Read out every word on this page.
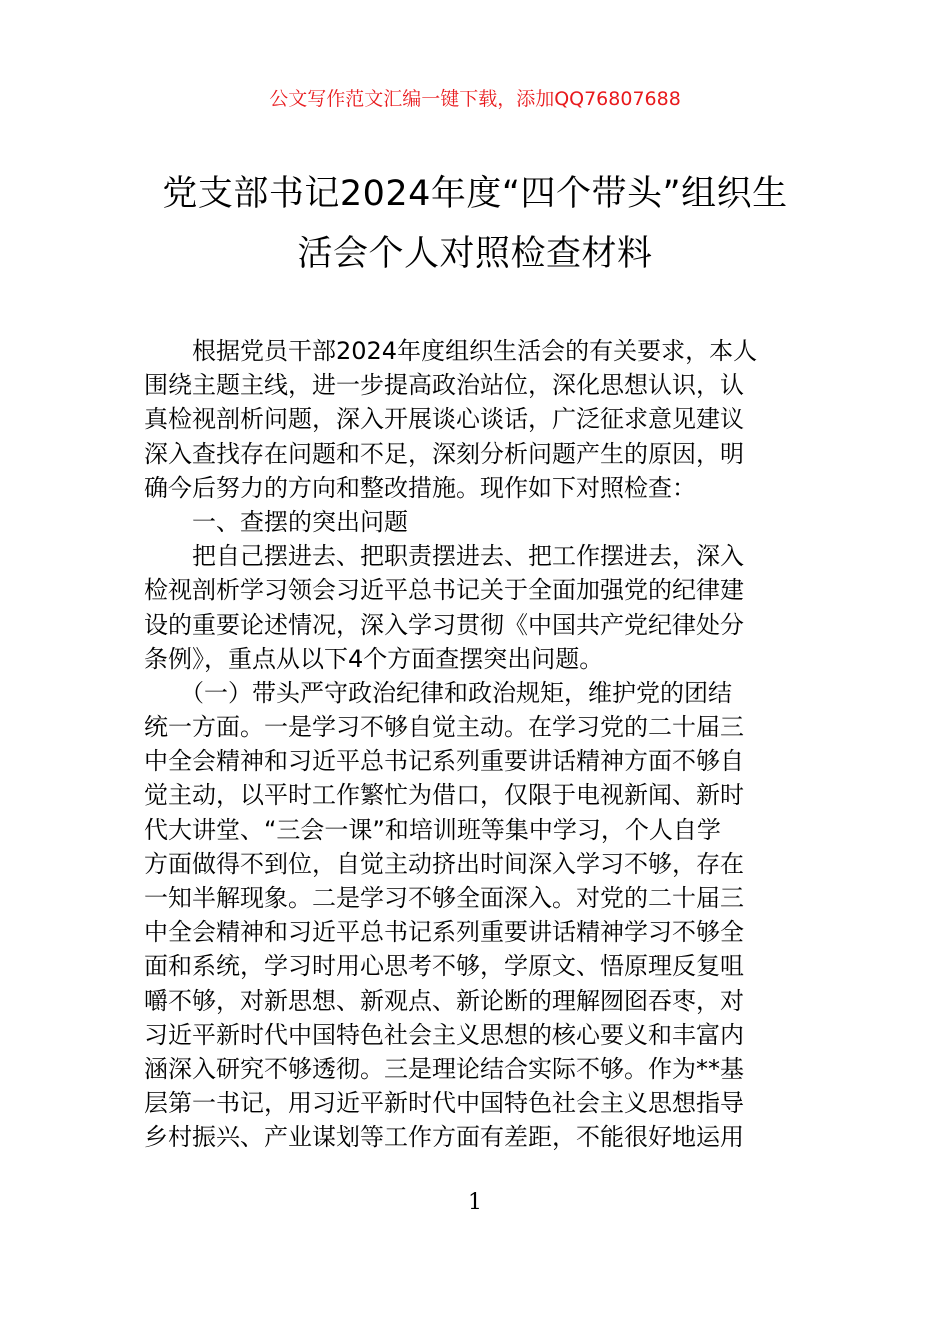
公文写作范文汇编一键下载，添加QQ76807688
党支部书记2024年度“四个带头”组织生
活会个人对照检查材料
　　根据党员干部2024年度组织生活会的有关要求，本人
围绕主题主线，进一步提高政治站位，深化思想认识，认
真检视剖析问题，深入开展谈心谈话，广泛征求意见建议
深入查找存在问题和不足，深刻分析问题产生的原因，明
确今后努力的方向和整改措施。现作如下对照检查：
　　一、查摆的突出问题
　　把自己摆进去、把职责摆进去、把工作摆进去，深入
检视剖析学习领会习近平总书记关于全面加强党的纪律建
设的重要论述情况，深入学习贯彻《中国共产党纪律处分
条例》，重点从以下4个方面查摆突出问题。
　　（一）带头严守政治纪律和政治规矩，维护党的团结
统一方面。一是学习不够自觉主动。在学习党的二十届三
中全会精神和习近平总书记系列重要讲话精神方面不够自
觉主动，以平时工作繁忙为借口，仅限于电视新闻、新时
代大讲堂、“三会一课”和培训班等集中学习，个人自学
方面做得不到位，自觉主动挤出时间深入学习不够，存在
一知半解现象。二是学习不够全面深入。对党的二十届三
中全会精神和习近平总书记系列重要讲话精神学习不够全
面和系统，学习时用心思考不够，学原文、悟原理反复咀
嚼不够，对新思想、新观点、新论断的理解囫囵吞枣，对
习近平新时代中国特色社会主义思想的核心要义和丰富内
涵深入研究不够透彻。三是理论结合实际不够。作为**基
层第一书记，用习近平新时代中国特色社会主义思想指导
乡村振兴、产业谋划等工作方面有差距，不能很好地运用
1
